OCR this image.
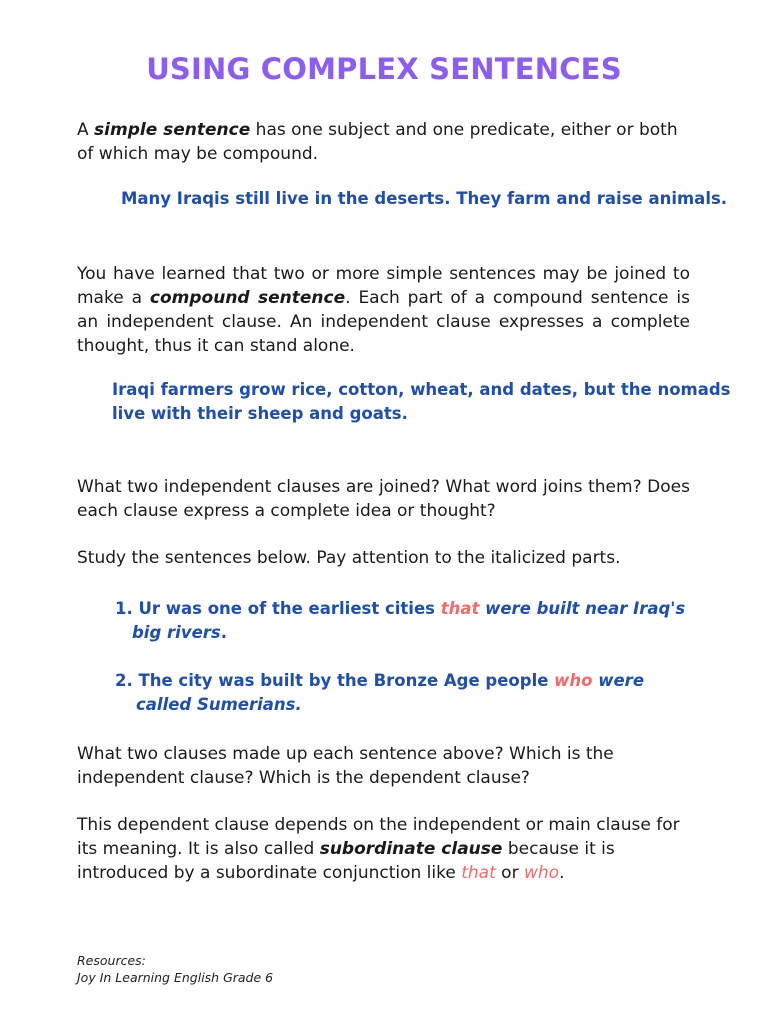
USING COMPLEX SENTENCES
A simple sentence has one subject and one predicate, either or both of which may be compound.
Many Iraqis still live in the deserts. They farm and raise animals.
You have learned that two or more simple sentences may be joined to make a compound sentence. Each part of a compound sentence is an independent clause. An independent clause expresses a complete thought, thus it can stand alone.
Iraqi farmers grow rice, cotton, wheat, and dates, but the nomads
live with their sheep and goats.
What two independent clauses are joined? What word joins them? Does each clause express a complete idea or thought?
Study the sentences below. Pay attention to the italicized parts.
1. Ur was one of the earliest cities that were built near Iraq's
big rivers.
2. The city was built by the Bronze Age people who were
called Sumerians.
What two clauses made up each sentence above? Which is the independent clause? Which is the dependent clause?
This dependent clause depends on the independent or main clause for its meaning. It is also called subordinate clause because it is introduced by a subordinate conjunction like that or who.
Resources:
Joy In Learning English Grade 6
